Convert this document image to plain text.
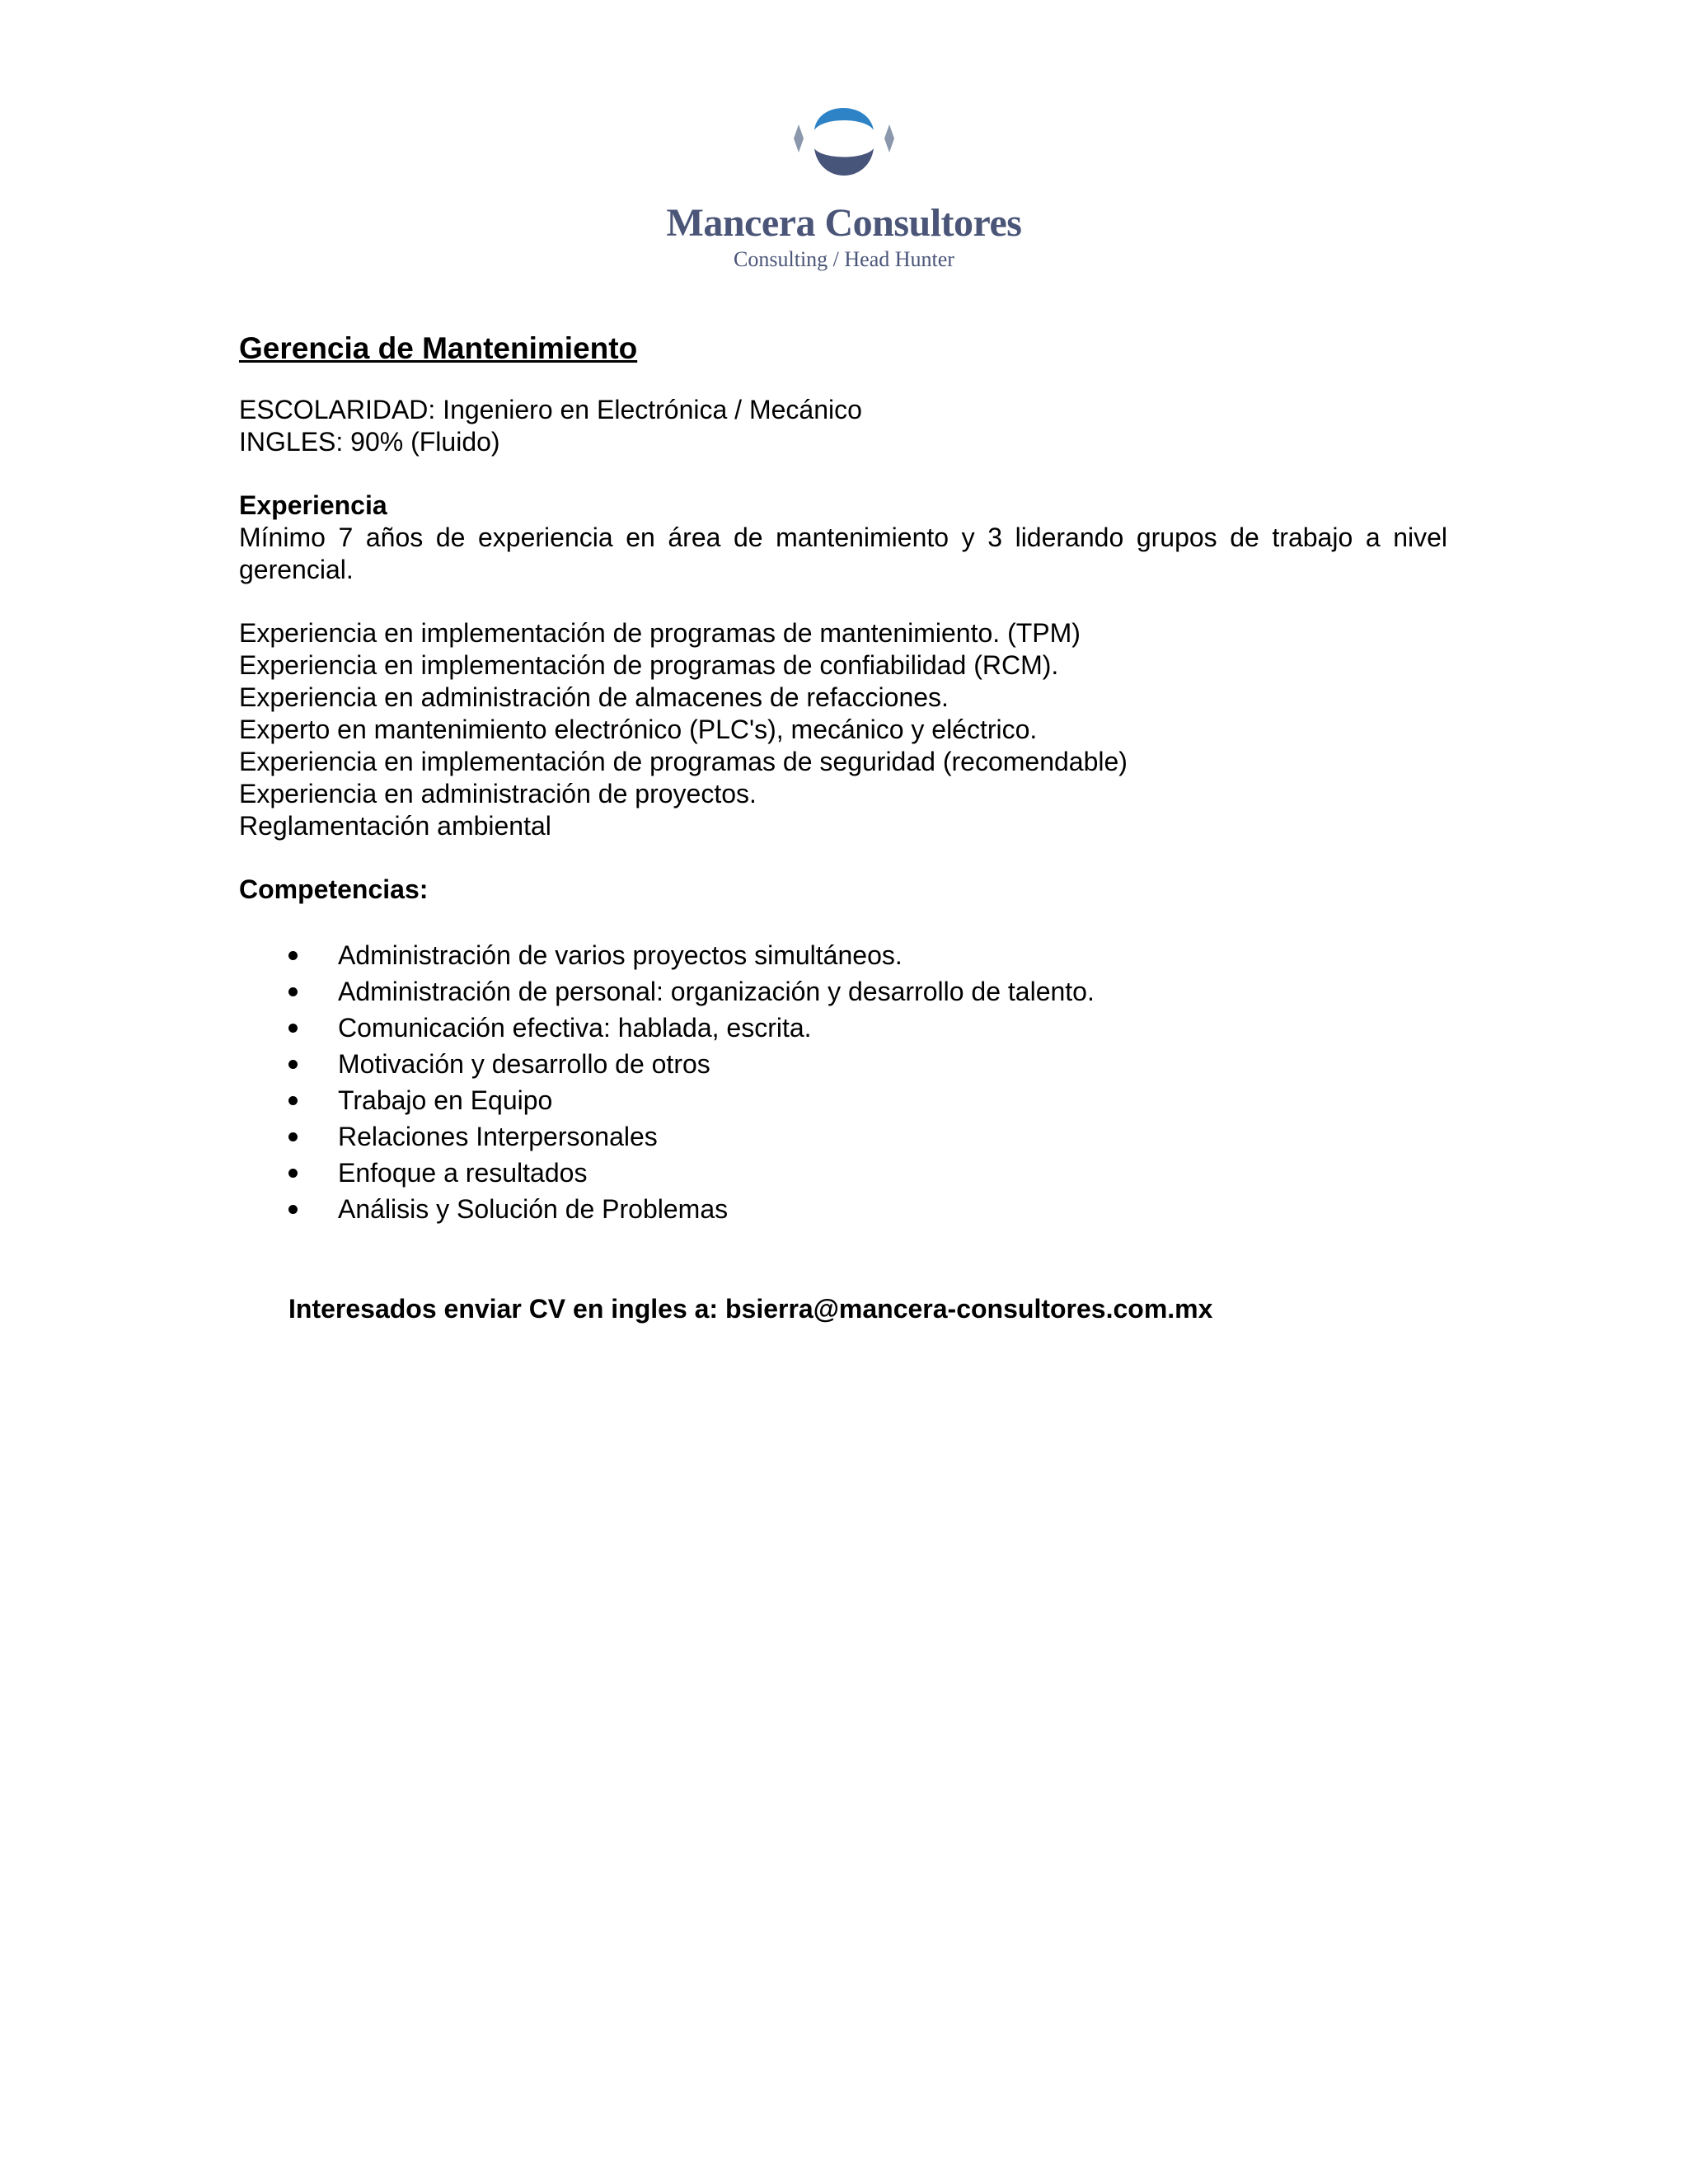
Mancera Consultores
Consulting / Head Hunter
Gerencia de Mantenimiento

ESCOLARIDAD: Ingeniero en Electrónica / Mecánico

INGLES: 90% (Fluido)

Experiencia

Mínimo 7 años de experiencia en área de mantenimiento y 3 liderando grupos de trabajo a nivel gerencial.

Experiencia en implementación de programas de mantenimiento. (TPM)

Experiencia en implementación de programas de confiabilidad (RCM).

Experiencia en administración de almacenes de refacciones.

Experto en mantenimiento electrónico (PLC's), mecánico y eléctrico.

Experiencia en implementación de programas de seguridad (recomendable)

Experiencia en administración de proyectos.

Reglamentación ambiental

Competencias:

Administración de varios proyectos simultáneos.
Administración de personal: organización y desarrollo de talento.
Comunicación efectiva: hablada, escrita.
Motivación y desarrollo de otros
Trabajo en Equipo
Relaciones Interpersonales
Enfoque a resultados
Análisis y Solución de Problemas

Interesados enviar CV en ingles a: bsierra@mancera-consultores.com.mx
